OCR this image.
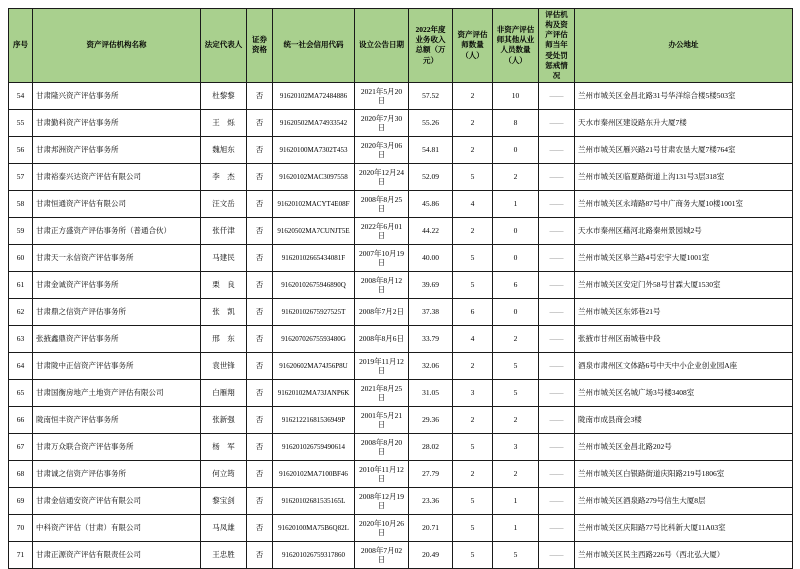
序号	资产评估机构名称	法定代表人	证券资格	统一社会信用代码	设立公告日期	2022年度业务收入总额（万元）	资产评估师数量（人）	非资产评估师其他从业人员数量（人）	评估机构及资产评估师当年受处罚惩戒情况	办公地址
54	甘肃隆兴资产评估事务所	杜黎黎	否	91620102MA72484886	2021年5月20日	57.52	2	10	——	兰州市城关区金昌北路31号华洋综合楼5楼503室
55	甘肃勤科资产评估事务所	王　烁	否	91620502MA74933542	2020年7月30日	55.26	2	8	——	天水市秦州区建设路东升大厦7楼
56	甘肃邦洲资产评估事务所	魏旭东	否	91620100MA7302T453	2020年3月06日	54.81	2	0	——	兰州市城关区雁兴路21号甘肃农垦大厦7楼764室
57	甘肃裕泰兴达资产评估有限公司	李　杰	否	91620102MAC3097558	2020年12月24日	52.09	5	2	——	兰州市城关区临夏路街道上沟131号3层318室
58	甘肃恒通资产评估有限公司	汪文岳	否	91620102MACYT4E08F	2008年8月25日	45.86	4	1	——	兰州市城关区永靖路87号中广商务大厦10楼1001室
59	甘肃正方盛资产评估事务所（普通合伙）	张仟津	否	91620502MA7CUNJT5E	2022年6月01日	44.22	2	0	——	天水市秦州区藉河北路秦州景园城2号
60	甘肃天一永信资产评估事务所	马建民	否	91620102665434081F	2007年10月19日	40.00	5	0	——	兰州市城关区皋兰路4号宏宇大厦1001室
61	甘肃金诚资产评估事务所	栗　良	否	91620102675946890Q	2008年8月12日	39.69	5	6	——	兰州市城关区安定门外58号甘霖大厦1530室
62	甘肃鼎之信资产评估事务所	张　凯	否	91620102675927525T	2008年7月2日	37.38	6	0	——	兰州市城关区东郊巷21号
63	张掖鑫鼎资产评估事务所	邢　东	否	91620702675593480G	2008年8月6日	33.79	4	2	——	张掖市甘州区南城巷中段
64	甘肃陇中正信资产评估事务所	袁世锋	否	91620602MA74J56P8U	2019年11月12日	32.06	2	5	——	酒泉市肃州区文体路6号中天中小企业创业园A座
65	甘肃国衡房地产土地资产评估有限公司	白雁翔	否	91620102MA73JANP6K	2021年8月25日	31.05	3	5	——	兰州市城关区名城广场3号楼3408室
66	陇南恒丰资产评估事务所	张新强	否	91621221681536949P	2001年5月21日	29.36	2	2	——	陇南市成县商会3楼
67	甘肃万众联合资产评估事务所	杨　军	否	916201026759490614	2008年8月20日	28.02	5	3	——	兰州市城关区金昌北路202号
68	甘肃诚之信资产评估事务所	何立筠	否	91620102MA7100BF46	2010年11月12日	27.79	2	2	——	兰州市城关区白银路街道庆阳路219号1806室
69	甘肃金信通安资产评估有限公司	黎宝剑	否	91620102681535165L	2008年12月19日	23.36	5	1	——	兰州市城关区酒泉路279号信生大厦8层
70	中科资产评估（甘肃）有限公司	马凤雄	否	91620100MA75B6Q82L	2020年10月26日	20.71	5	1	——	兰州市城关区庆阳路77号比科新大厦11A03室
71	甘肃正源资产评估有限责任公司	王忠胜	否	916201026759317860	2008年7月02日	20.49	5	5	——	兰州市城关区民主西路226号（西北弘大厦）
